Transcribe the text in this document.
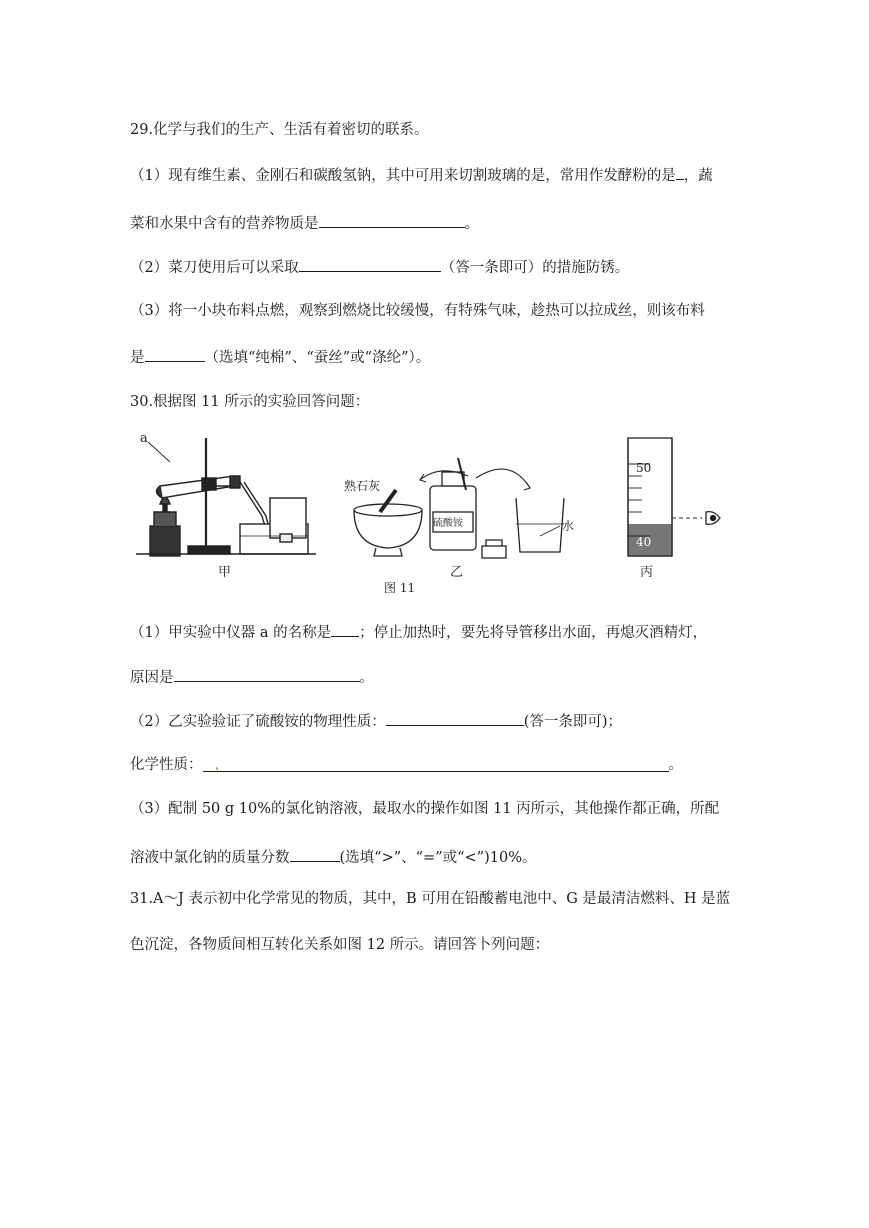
29.化学与我们的生产、生活有着密切的联系。
（1）现有维生素、金刚石和碳酸氢钠，其中可用来切割玻璃的是，常用作发酵粉的是 ，蔬
菜和水果中含有的营养物质是	。
（2）菜刀使用后可以采取	（答一条即可）的措施防锈。
（3）将一小块布料点燃，观察到燃烧比较缓慢，有特殊气味，趁热可以拉成丝，则该布料
是	（选填“纯棉”、“蚕丝”或“涤纶”）。
30.根据图 11 所示的实验回答问题：
a
熟石灰
硫酸铵	水
50
40
甲	乙	丙
图 11
（1）甲实验中仪器 a 的名称是 ；停止加热时，要先将导管移出水面，再熄灭酒精灯，
原因是	。
（2）乙实验验证了硫酸铵的物理性质：	(答一条即可)；
化学性质： ，	。
（3）配制 50 g 10%的氯化钠溶液，最取水的操作如图 11 丙所示，其他操作都正确，所配
溶液中氯化钠的质量分数	(选填“>”、“=”或“<”)10%。
31.A～J 表示初中化学常见的物质，其中，B 可用在铅酸蓄电池中、G 是最清洁燃料、H 是蓝
色沉淀，各物质间相互转化关系如图 12 所示。请回答卜列问题：
